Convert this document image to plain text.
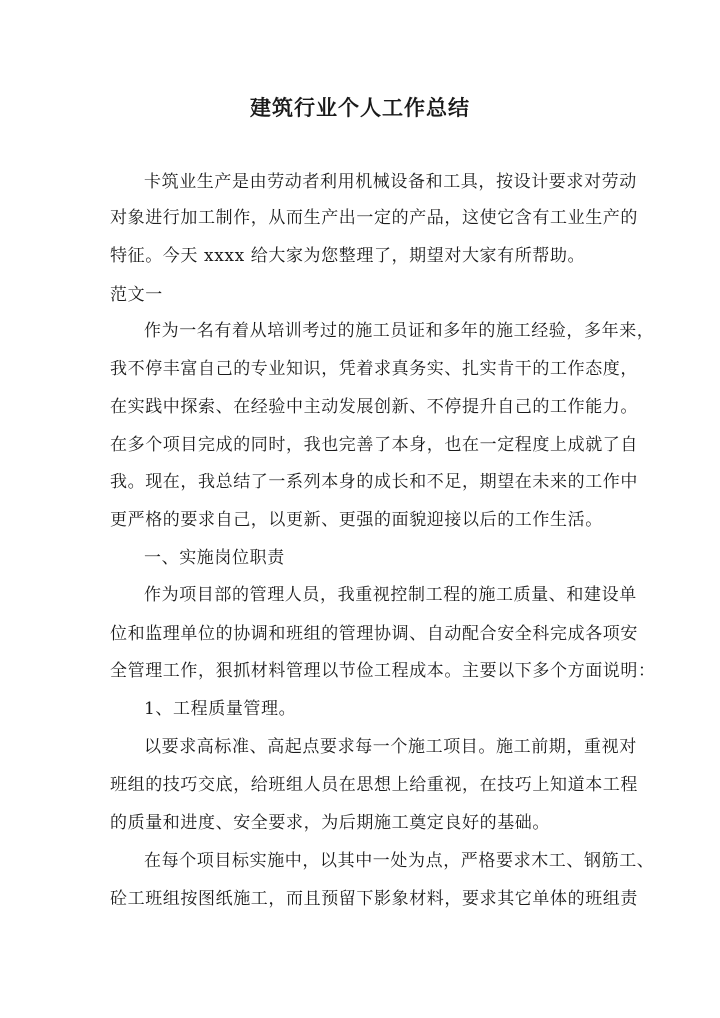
建筑行业个人工作总结
卡筑业生产是由劳动者利用机械设备和工具，按设计要求对劳动
对象进行加工制作，从而生产出一定的产品，这使它含有工业生产的
特征。今天 xxxx 给大家为您整理了，期望对大家有所帮助。
范文一
作为一名有着从培训考过的施工员证和多年的施工经验，多年来，
我不停丰富自己的专业知识，凭着求真务实、扎实肯干的工作态度，
在实践中探索、在经验中主动发展创新、不停提升自己的工作能力。
在多个项目完成的同时，我也完善了本身，也在一定程度上成就了自
我。现在，我总结了一系列本身的成长和不足，期望在未来的工作中
更严格的要求自己，以更新、更强的面貌迎接以后的工作生活。
一、实施岗位职责
作为项目部的管理人员，我重视控制工程的施工质量、和建设单
位和监理单位的协调和班组的管理协调、自动配合安全科完成各项安
全管理工作，狠抓材料管理以节俭工程成本。主要以下多个方面说明：
1、工程质量管理。
以要求高标准、高起点要求每一个施工项目。施工前期，重视对
班组的技巧交底，给班组人员在思想上给重视，在技巧上知道本工程
的质量和进度、安全要求，为后期施工奠定良好的基础。
在每个项目标实施中，以其中一处为点，严格要求木工、钢筋工、
砼工班组按图纸施工，而且预留下影象材料，要求其它单体的班组责
